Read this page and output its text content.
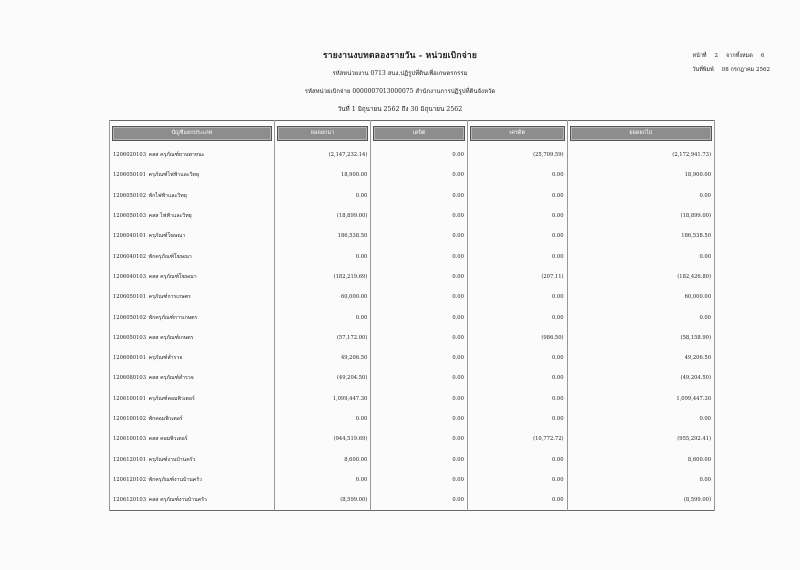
รายงานงบทดลองรายวัน - หน่วยเบิกจ่าย
รหัสหน่วยงาน 0713 สนง.ปฏิรูปที่ดินเพื่อเกษตรกรรม
รหัสหน่วยเบิกจ่าย 0000007013000075 สำนักงานการปฏิรูปที่ดินจังหวัด
วันที่ 1 มิถุนายน 2562 ถึง 30 มิถุนายน 2562
หน้าที่ 2 จากทั้งหมด 6
วันที่พิมพ์ 08 กรกฎาคม 2562
บัญชีแยกประเภท	ยอดยกมา	เดบิต	เครดิต	ยอดยกไป

1206020103 คสส ครุภัณฑ์ยานพาหนะ	(2,147,232.14)	0.00	(25,709.59)	(2,172,941.73)
1206050101 ครุภัณฑ์ไฟฟ้าและวิทยุ	18,900.00	0.00	0.00	18,900.00
1206050102 พักไฟฟ้าและวิทยุ	0.00	0.00	0.00	0.00
1206050103 คสส ไฟฟ้าและวิทยุ	(18,899.00)	0.00	0.00	(18,899.00)
1206040101 ครุภัณฑ์โฆษณา	186,538.50	0.00	0.00	186,538.50
1206040102 พักครุภัณฑ์โฆษณา	0.00	0.00	0.00	0.00
1206040103 คสส ครุภัณฑ์โฆษณา	(182,219.69)	0.00	(207.11)	(182,426.80)
1206050101 ครุภัณฑ์การเกษตร	60,000.00	0.00	0.00	60,000.00
1206050102 พักครุภัณฑ์การเกษตร	0.00	0.00	0.00	0.00
1206050103 คสส ครุภัณฑ์เกษตร	(57,172.00)	0.00	(986.50)	(58,158.90)
1206080101 ครุภัณฑ์สำรวจ	49,206.50	0.00	0.00	49,206.50
1206080103 คสส ครุภัณฑ์สำรวจ	(49,204.50)	0.00	0.00	(49,204.50)
1206100101 ครุภัณฑ์คอมพิวเตอร์	1,099,447.30	0.00	0.00	1,099,447.30
1206100102 พักคอมพิวเตอร์	0.00	0.00	0.00	0.00
1206100103 คสส คอมพิวเตอร์	(944,519.69)	0.00	(10,772.72)	(955,292.41)
1206120101 ครุภัณฑ์งานบ้านครัว	8,600.00	0.00	0.00	8,600.00
1206120102 พักครุภัณฑ์งานบ้านครัว	0.00	0.00	0.00	0.00
1206120103 คสส ครุภัณฑ์งานบ้านครัว	(8,599.00)	0.00	0.00	(8,599.00)
